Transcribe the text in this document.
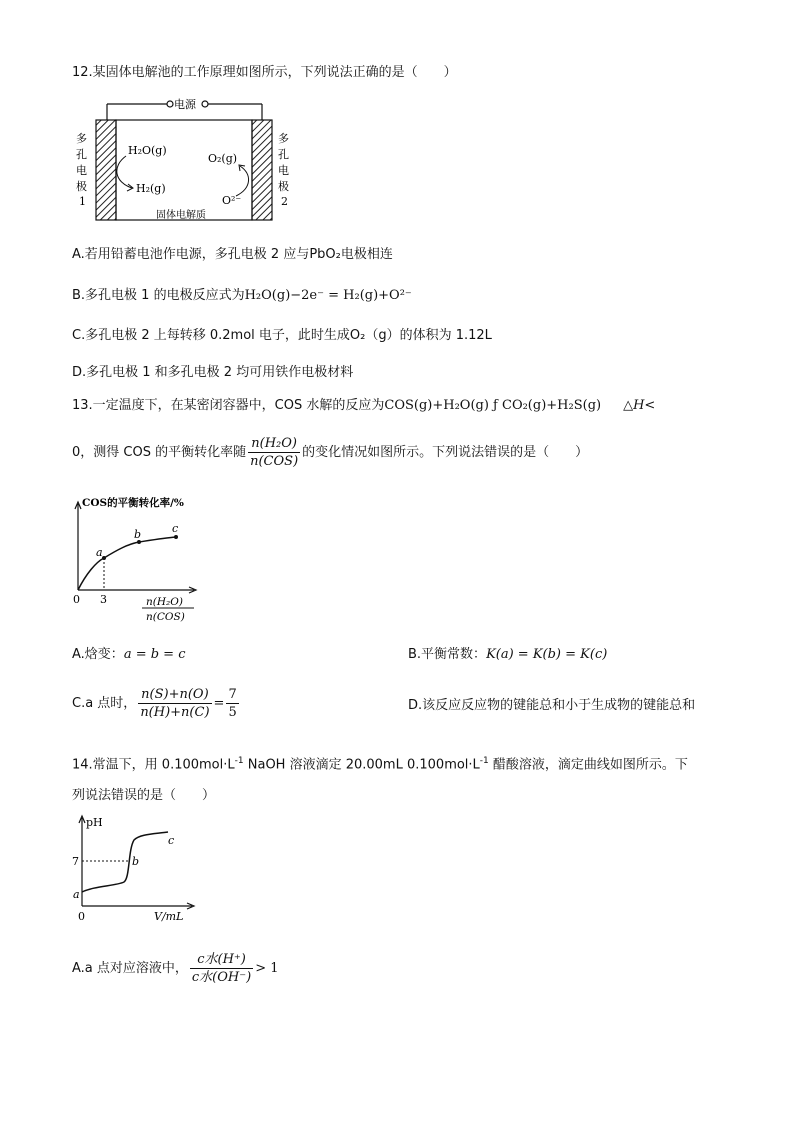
12.某固体电解池的工作原理如图所示，下列说法正确的是（　　）
电源
固体电解质
H₂O(g)
H₂(g)
O₂(g)
O²⁻
多
孔
电
极
1
多
孔
电
极
2
A.若用铅蓄电池作电源，多孔电极 2 应与PbO₂电极相连
B.多孔电极 1 的电极反应式为H₂O(g)−2e⁻ = H₂(g)+O²⁻
C.多孔电极 2 上每转移 0.2mol 电子，此时生成O₂（g）的体积为 1.12L
D.多孔电极 1 和多孔电极 2 均可用铁作电极材料
13.一定温度下，在某密闭容器中，COS 水解的反应为COS(g)+H₂O(g) ƒ CO₂(g)+H₂S(g) △H<
0，测得 COS 的平衡转化率随 $\frac{\text{n(H₂O)}}{\text{n(COS)}}$ 的变化情况如图所示。下列说法错误的是（　　）
COS的平衡转化率/%
a
b	c
0 3	n(H₂O)
n(COS)
A.焓变：a = b = c	B.平衡常数：K(a) = K(b) = K(c)
C.a 点时， $\frac{n(S)+n(O)}{n(H)+n(C)} = \frac{7}{5}$	D.该反应反应物的键能总和小于生成物的键能总和
14.常温下，用 $0.100mol\cdot L^{-1}$ NaOH 溶液滴定 20.00mL $0.100mol\cdot L^{-1}$ 醋酸溶液，滴定曲线如图所示。下
列说法错误的是（　　）
pH
V/mL
0
7
a
b
c
A.a 点对应溶液中， $\frac{\text{c水(H⁺)}}{\text{c水(OH⁻)}} > 1$
